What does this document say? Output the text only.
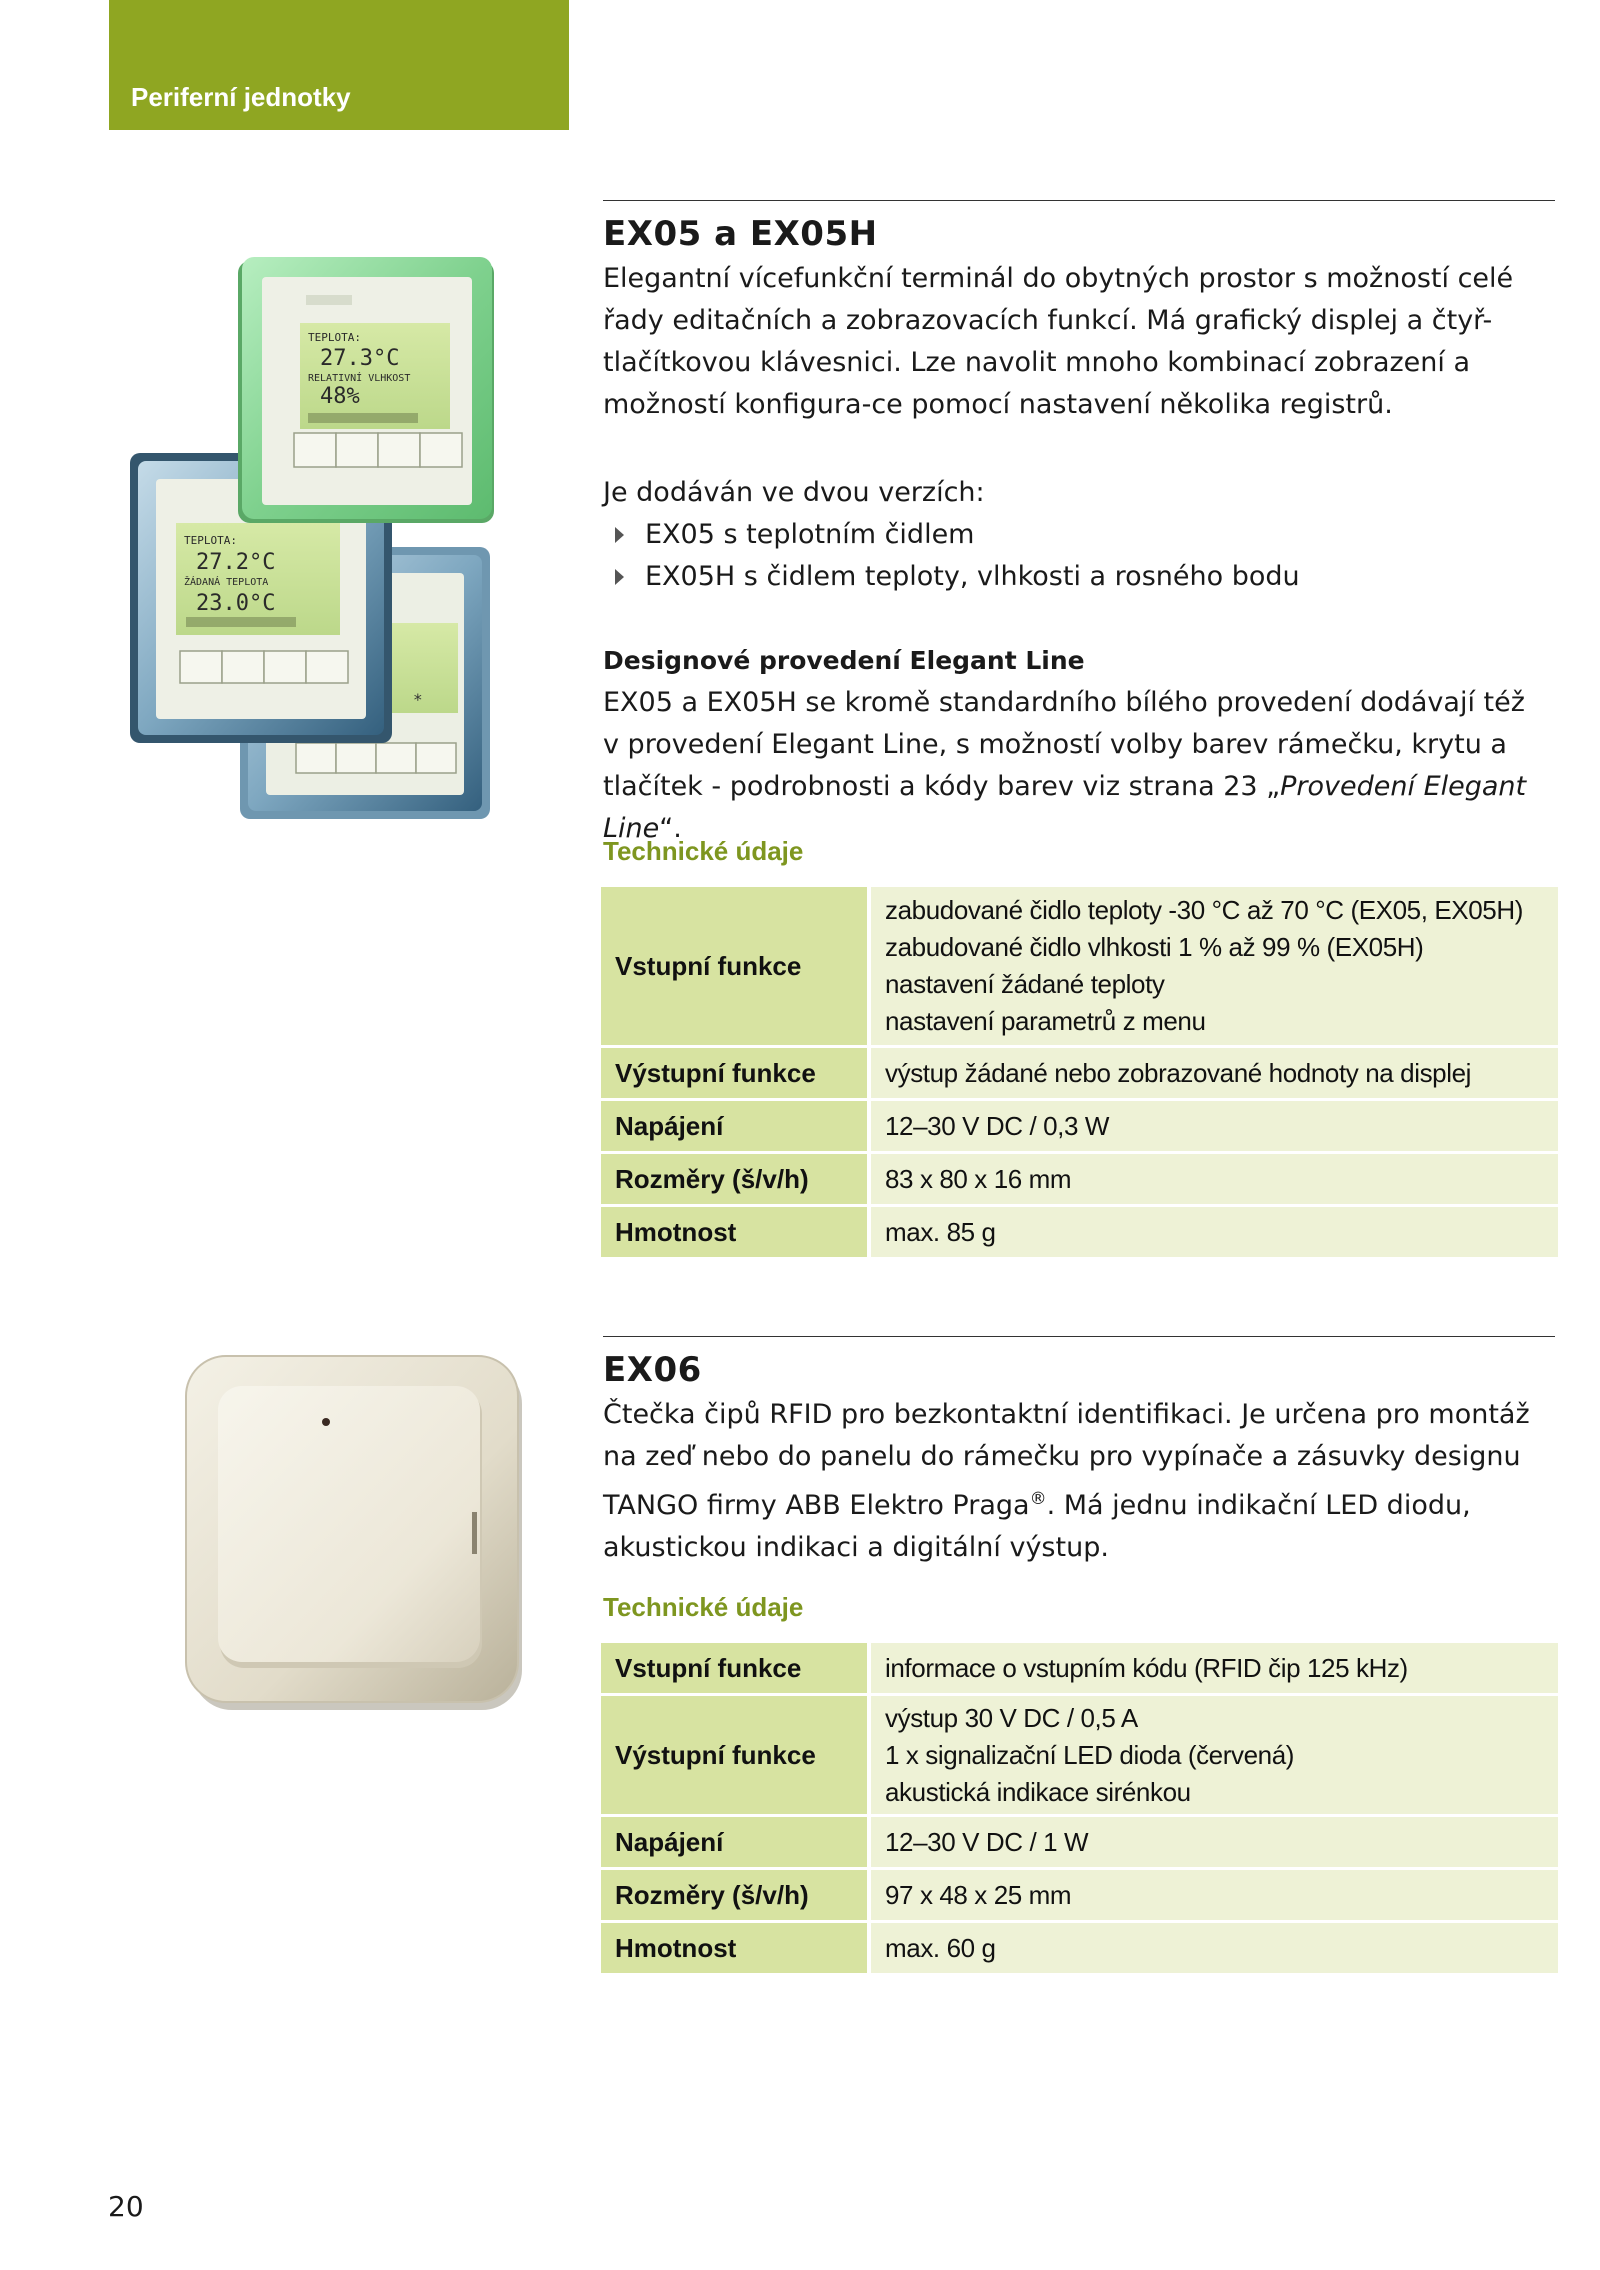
Periferní jednotky
*
TEPLOTA:
27.2°C
ŽÁDANÁ TEPLOTA
23.0°C
TEPLOTA:
27.3°C
RELATIVNÍ VLHKOST
48%
EX05 a EX05H

Elegantní vícefunkční terminál do obytných prostor s možností celé řady editačních a zobrazovacích funkcí. Má grafický displej a čtyř-tlačítkovou klávesnici. Lze navolit mnoho kombinací zobrazení a možností konfigura-ce pomocí nastavení několika registrů.

Je dodáván ve dvou verzích:

EX05 s teplotním čidlem
EX05H s čidlem teploty, vlhkosti a rosného bodu
Designové provedení Elegant Line

EX05 a EX05H se kromě standardního bílého provedení dodávají též v provedení Elegant Line, s možností volby barev rámečku, krytu a tlačítek - podrobnosti a kódy barev viz strana 23 „Provedení Elegant Line“.

Technické údaje
Vstupní funkce	zabudované čidlo teploty -30 °C až 70 °C (EX05, EX05H)
zabudované čidlo vlhkosti 1 % až 99 % (EX05H)
nastavení žádané teploty
nastavení parametrů z menu

Výstupní funkce	výstup žádané nebo zobrazované hodnoty na displej

Napájení	12–30 V DC / 0,3 W

Rozměry (š/v/h)	83 x 80 x 16 mm

Hmotnost	max. 85 g
EX06

Čtečka čipů RFID pro bezkontaktní identifikaci. Je určena pro montáž na zeď nebo do panelu do rámečku pro vypínače a zásuvky designu TANGO firmy ABB Elektro Praga®. Má jednu indikační LED diodu, akustickou indikaci a digitální výstup.

Technické údaje
Vstupní funkce	informace o vstupním kódu (RFID čip 125 kHz)

Výstupní funkce	výstup 30 V DC / 0,5 A
1 x signalizační LED dioda (červená)
akustická indikace sirénkou

Napájení	12–30 V DC / 1 W

Rozměry (š/v/h)	97 x 48 x 25 mm

Hmotnost	max. 60 g
20
